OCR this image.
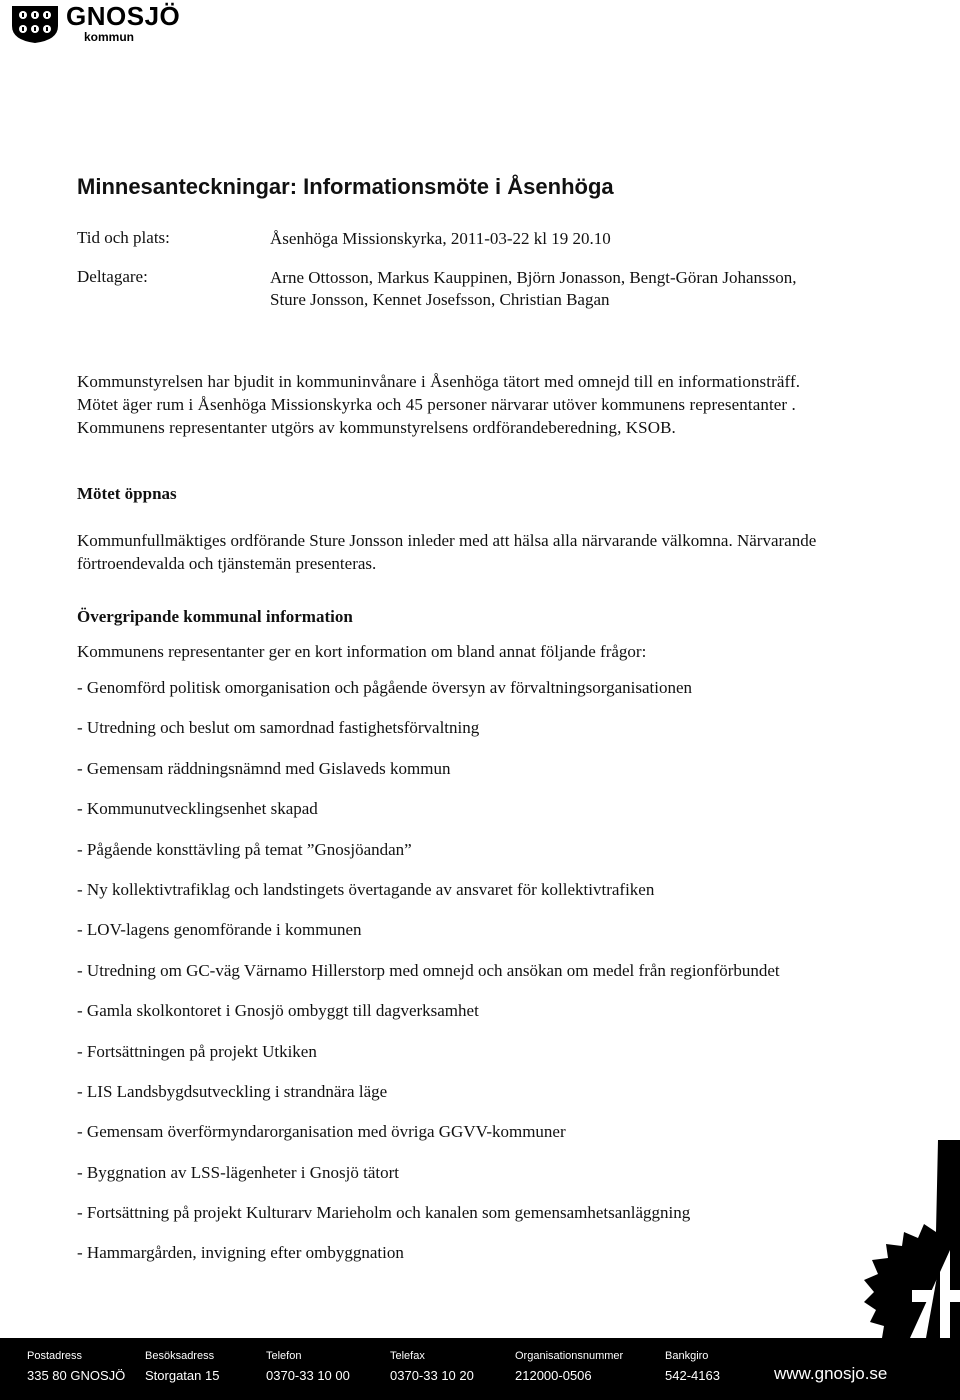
GNOSJÖ
kommun
Minnesanteckningar: Informationsmöte i Åsenhöga
Tid och plats:	Åsenhöga Missionskyrka, 2011-03-22 kl 19 20.10
Deltagare:	Arne Ottosson, Markus Kauppinen, Björn Jonasson, Bengt-Göran Johansson, Sture Jonsson, Kennet Josefsson, Christian Bagan

Kommunstyrelsen har bjudit in kommuninvånare i Åsenhöga tätort med omnejd till en informationsträff. Mötet äger rum i Åsenhöga Missionskyrka och 45 personer närvarar utöver kommunens representanter . Kommunens representanter utgörs av kommunstyrelsens ordförandeberedning, KSOB.

Mötet öppnas

Kommunfullmäktiges ordförande Sture Jonsson inleder med att hälsa alla närvarande välkomna. Närvarande förtroendevalda och tjänstemän presenteras.

Övergripande kommunal information
Kommunens representanter ger en kort information om bland annat följande frågor:
- Genomförd politisk omorganisation och pågående översyn av förvaltningsorganisationen
- Utredning och beslut om samordnad fastighetsförvaltning
- Gemensam räddningsnämnd med Gislaveds kommun
- Kommunutvecklingsenhet skapad
- Pågående konsttävling på temat ”Gnosjöandan”
- Ny kollektivtrafiklag och landstingets övertagande av ansvaret för kollektivtrafiken
- LOV-lagens genomförande i kommunen
- Utredning om GC-väg Värnamo Hillerstorp med omnejd och ansökan om medel från regionförbundet
- Gamla skolkontoret i Gnosjö ombyggt till dagverksamhet
- Fortsättningen på projekt Utkiken
- LIS Landsbygdsutveckling i strandnära läge
- Gemensam överförmyndarorganisation med övriga GGVV-kommuner
- Byggnation av LSS-lägenheter i Gnosjö tätort
- Fortsättning på projekt Kulturarv Marieholm och kanalen som gemensamhetsanläggning
- Hammargården, invigning efter ombyggnation
Postadress
335 80 GNOSJÖ
Besöksadress
Storgatan 15
Telefon
0370-33 10 00
Telefax
0370-33 10 20
Organisationsnummer
212000-0506
Bankgiro
542-4163	www.gnosjo.se
